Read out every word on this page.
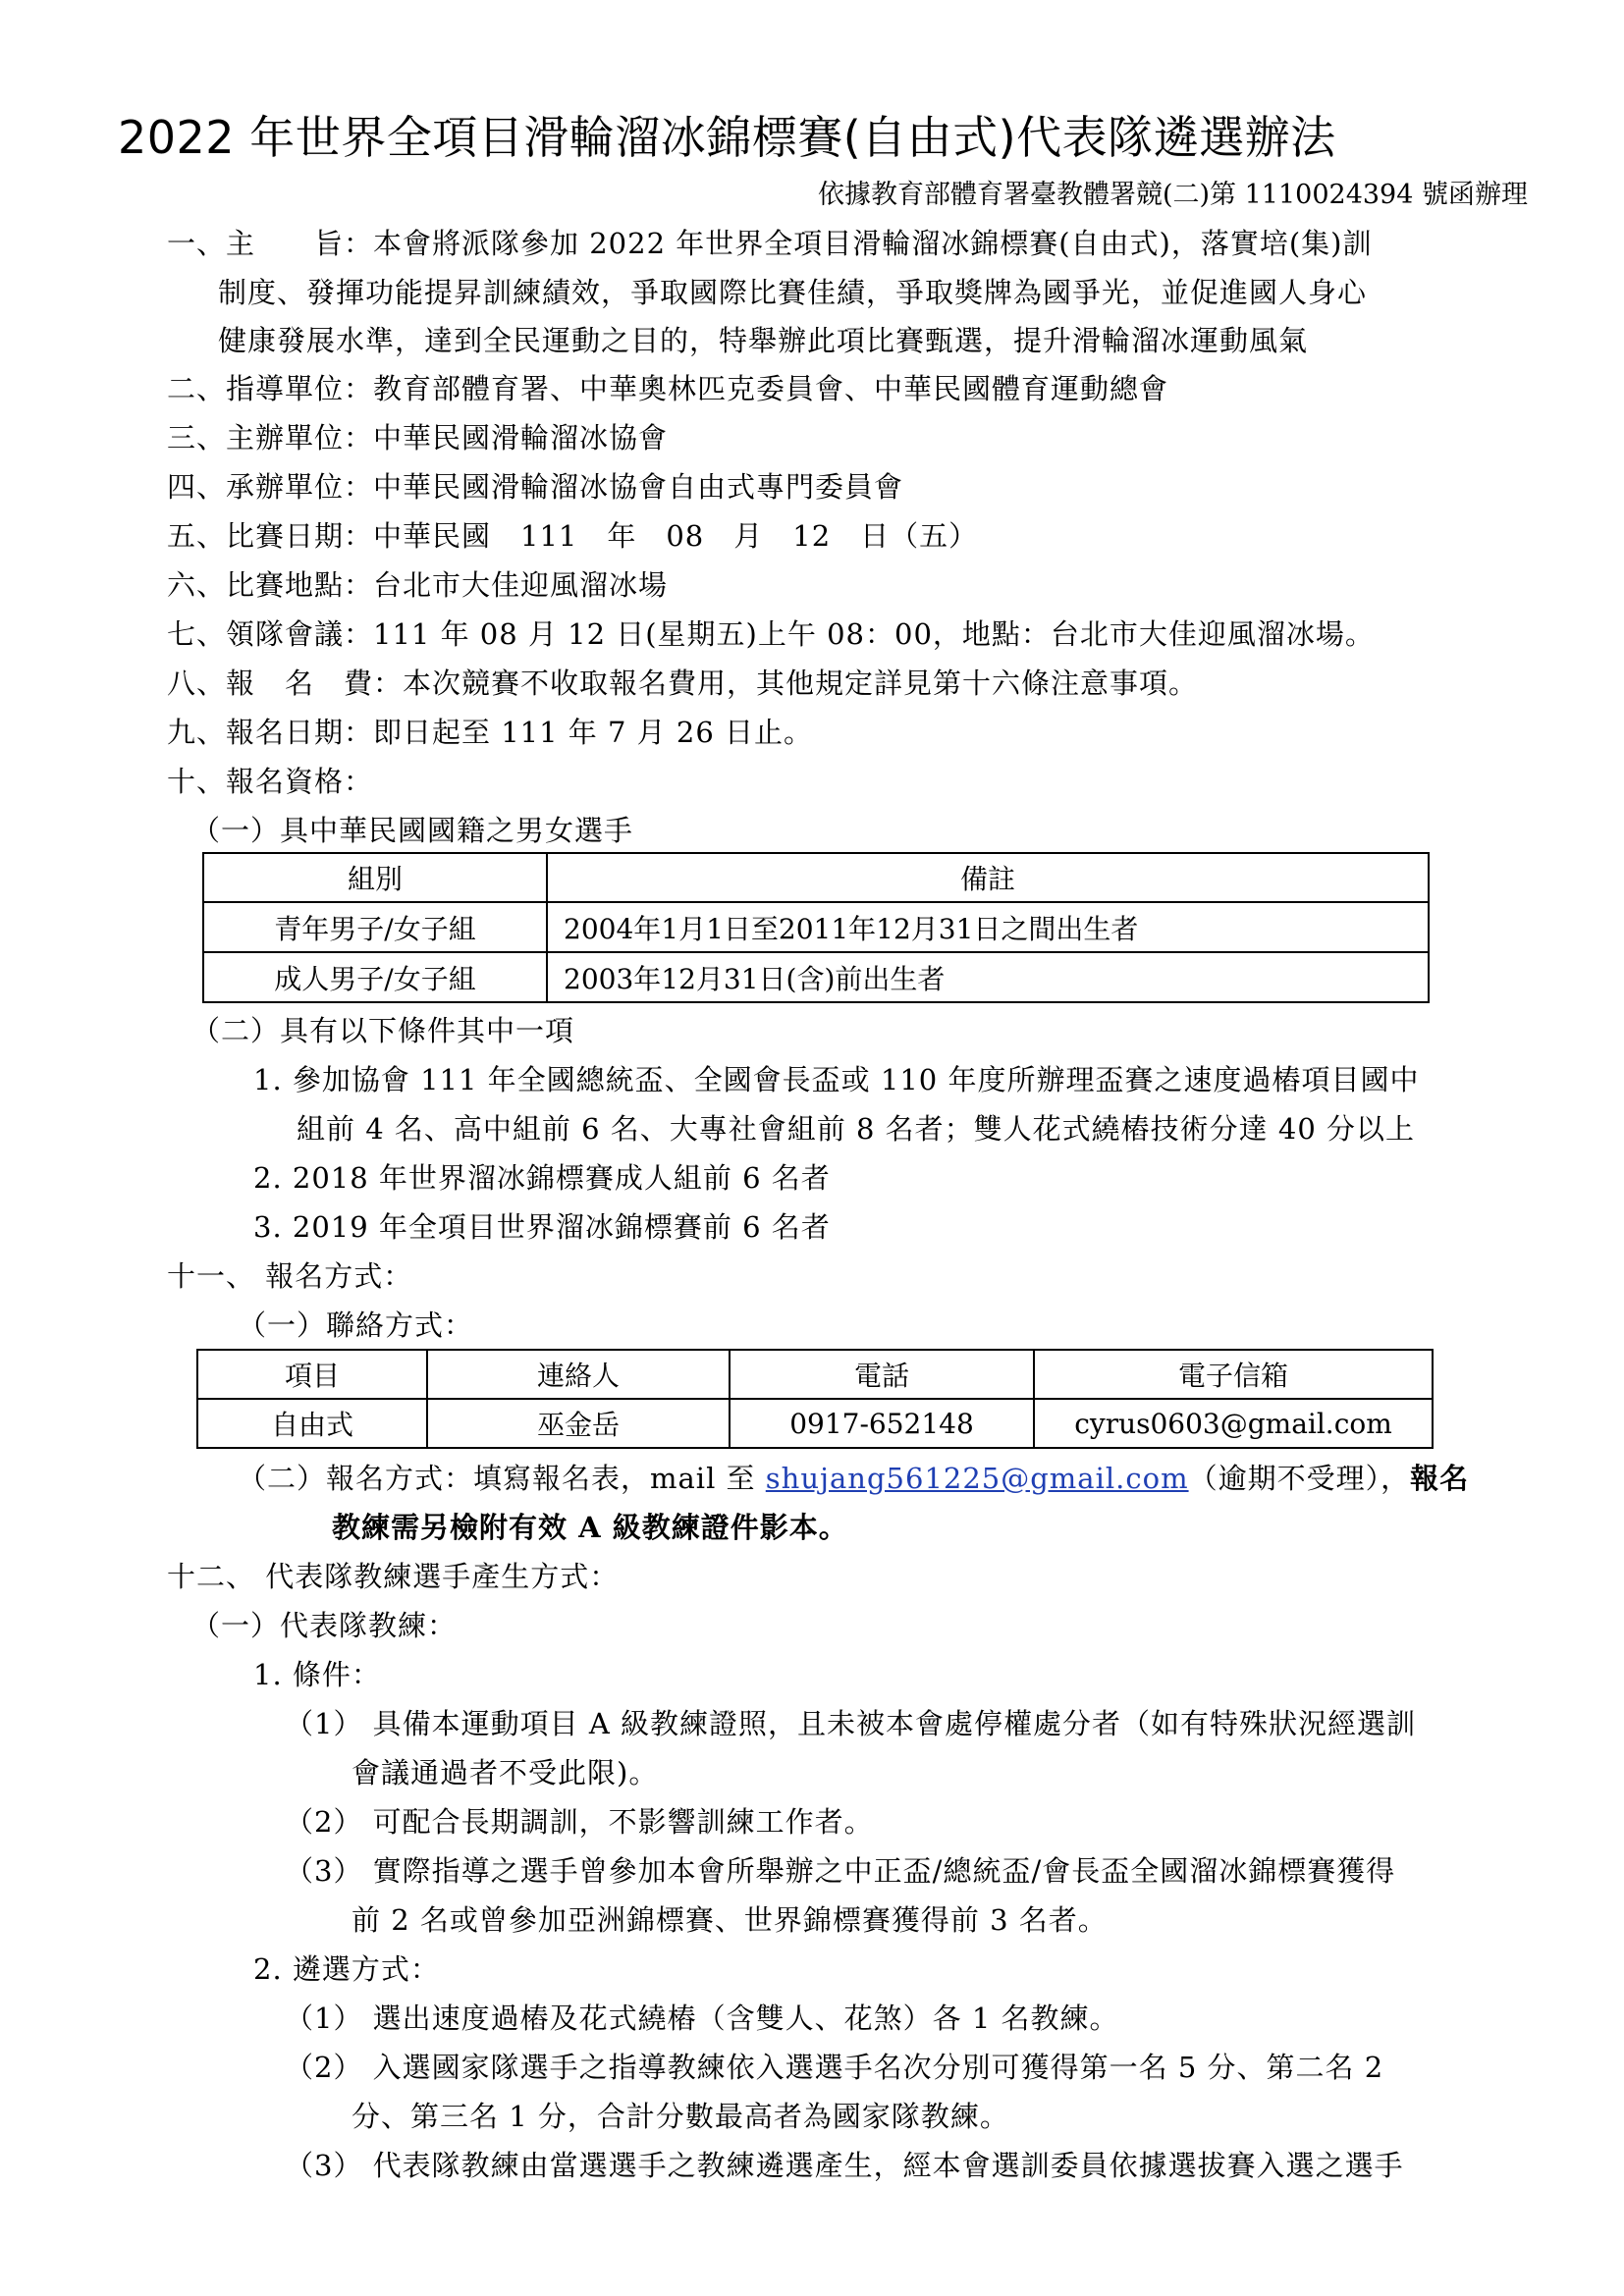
2022 年世界全項目滑輪溜冰錦標賽(自由式)代表隊遴選辦法
依據教育部體育署臺教體署競(二)第 1110024394 號函辦理
一、主　　旨：本會將派隊參加 2022 年世界全項目滑輪溜冰錦標賽(自由式)，落實培(集)訓
制度、發揮功能提昇訓練績效，爭取國際比賽佳績，爭取獎牌為國爭光，並促進國人身心
健康發展水準，達到全民運動之目的，特舉辦此項比賽甄選，提升滑輪溜冰運動風氣
二、指導單位：教育部體育署、中華奧林匹克委員會、中華民國體育運動總會
三、主辦單位：中華民國滑輪溜冰協會
四、承辦單位：中華民國滑輪溜冰協會自由式專門委員會
五、比賽日期：中華民國　111　年　08　月　12　日（五）
六、比賽地點：台北市大佳迎風溜冰場
七、領隊會議：111 年 08 月 12 日(星期五)上午 08：00，地點：台北市大佳迎風溜冰場。
八、報　名　費：本次競賽不收取報名費用，其他規定詳見第十六條注意事項。
九、報名日期：即日起至 111 年 7 月 26 日止。
十、報名資格：
（一）具中華民國國籍之男女選手
組別	備註
青年男子/女子組	2004年1月1日至2011年12月31日之間出生者
成人男子/女子組	2003年12月31日(含)前出生者
（二）具有以下條件其中一項
1. 參加協會 111 年全國總統盃、全國會長盃或 110 年度所辦理盃賽之速度過樁項目國中
組前 4 名、高中組前 6 名、大專社會組前 8 名者；雙人花式繞樁技術分達 40 分以上
2. 2018 年世界溜冰錦標賽成人組前 6 名者
3. 2019 年全項目世界溜冰錦標賽前 6 名者
十一、 報名方式：
（一）聯絡方式：
項目	連絡人	電話	電子信箱
自由式	巫金岳	0917-652148	cyrus0603@gmail.com
（二）報名方式：填寫報名表，mail 至 shujang561225@gmail.com（逾期不受理），報名
教練需另檢附有效 A 級教練證件影本。
十二、 代表隊教練選手產生方式：
（一）代表隊教練：
1. 條件：
（1） 具備本運動項目 A 級教練證照，且未被本會處停權處分者（如有特殊狀況經選訓
會議通過者不受此限)。
（2） 可配合長期調訓，不影響訓練工作者。
（3） 實際指導之選手曾參加本會所舉辦之中正盃/總統盃/會長盃全國溜冰錦標賽獲得
前 2 名或曾參加亞洲錦標賽、世界錦標賽獲得前 3 名者。
2. 遴選方式：
（1） 選出速度過樁及花式繞樁（含雙人、花煞）各 1 名教練。
（2） 入選國家隊選手之指導教練依入選選手名次分別可獲得第一名 5 分、第二名 2
分、第三名 1 分，合計分數最高者為國家隊教練。
（3） 代表隊教練由當選選手之教練遴選產生，經本會選訓委員依據選拔賽入選之選手
